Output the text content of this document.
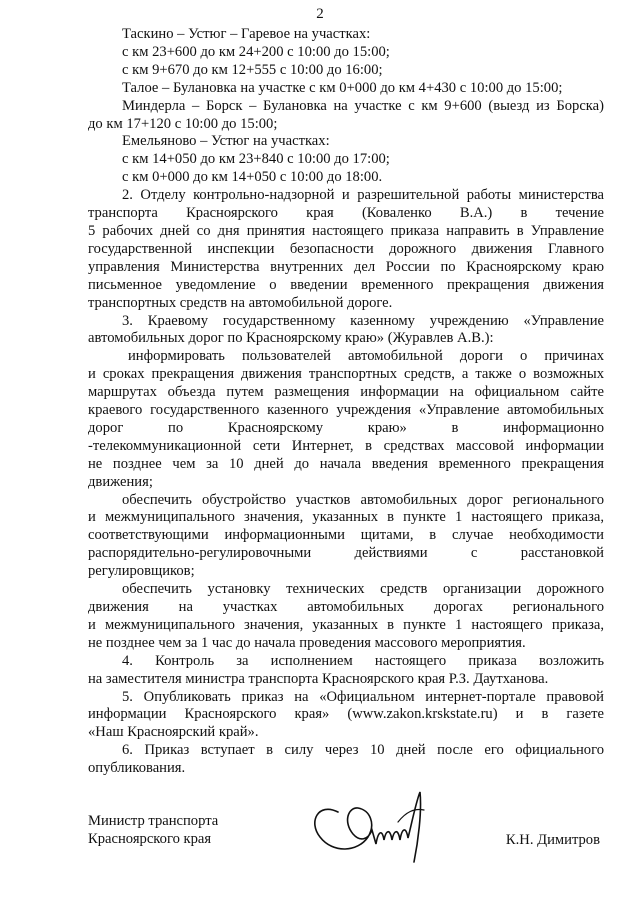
2
Таскино – Устюг – Гаревое на участках:
с км 23+600 до км 24+200 с 10:00 до 15:00;
с км 9+670 до км 12+555 с 10:00 до 16:00;
Талое – Булановка на участке с км 0+000 до км 4+430 с 10:00 до 15:00;
Миндерла – Борск – Булановка на участке с км 9+600 (выезд из Борска)
до км 17+120 с 10:00 до 15:00;
Емельяново – Устюг на участках:
с км 14+050 до км 23+840 с 10:00 до 17:00;
с км 0+000 до км 14+050 с 10:00 до 18:00.
2. Отделу контрольно-надзорной и разрешительной работы министерства
транспорта Красноярского края (Коваленко В.А.) в течение
5 рабочих дней со дня принятия настоящего приказа направить в Управление
государственной инспекции безопасности дорожного движения Главного
управления Министерства внутренних дел России по Красноярскому краю
письменное уведомление о введении временного прекращения движения
транспортных средств на автомобильной дороге.
3. Краевому государственному казенному учреждению «Управление
автомобильных дорог по Красноярскому краю» (Журавлев А.В.):
информировать пользователей автомобильной дороги о причинах
и сроках прекращения движения транспортных средств, а также о возможных
маршрутах объезда путем размещения информации на официальном сайте
краевого государственного казенного учреждения «Управление автомобильных
дорог по Красноярскому краю» в информационно
-телекоммуникационной сети Интернет, в средствах массовой информации
не позднее чем за 10 дней до начала введения временного прекращения
движения;
обеспечить обустройство участков автомобильных дорог регионального
и межмуниципального значения, указанных в пункте 1 настоящего приказа,
соответствующими информационными щитами, в случае необходимости
распорядительно-регулировочными действиями с расстановкой
регулировщиков;
обеспечить установку технических средств организации дорожного
движения на участках автомобильных дорогах регионального
и межмуниципального значения, указанных в пункте 1 настоящего приказа,
не позднее чем за 1 час до начала проведения массового мероприятия.
4. Контроль за исполнением настоящего приказа возложить
на заместителя министра транспорта Красноярского края Р.З. Даутханова.
5. Опубликовать приказ на «Официальном интернет-портале правовой
информации Красноярского края» (www.zakon.krskstate.ru) и в газете
«Наш Красноярский край».
6. Приказ вступает в силу через 10 дней после его официального
опубликования.
Министр транспорта
Красноярского края	К.Н. Димитров
